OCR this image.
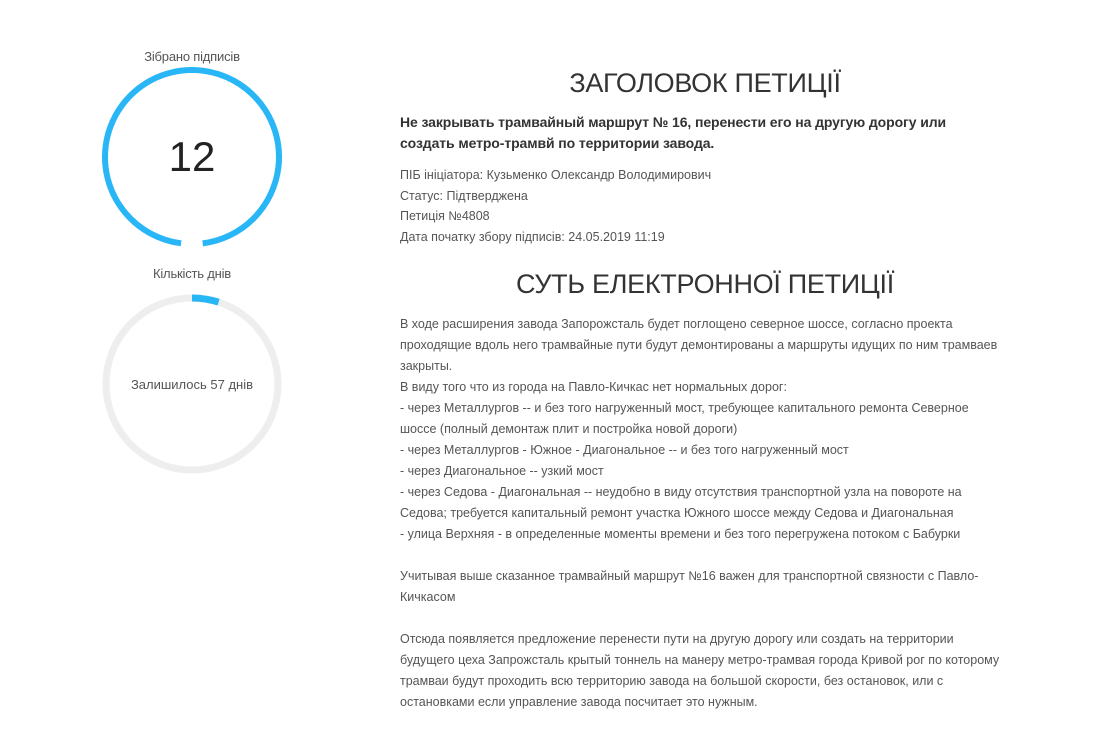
Зібрано підписів
12
Кількість днів
Залишилось 57 днів
ЗАГОЛОВОК ПЕТИЦІЇ

Не закрывать трамвайный маршрут № 16, перенести его на другую дорогу или создать метро-трамвй по территории завода.

ПІБ ініціатора: Кузьменко Олександр Володимирович
Статус: Підтверджена
Петиція №4808
Дата початку збору підписів: 24.05.2019 11:19
СУТЬ ЕЛЕКТРОННОЇ ПЕТИЦІЇ

В ходе расширения завода Запорожсталь будет поглощено северное шоссе, согласно проекта проходящие вдоль него трамвайные пути будут демонтированы а маршруты идущих по ним трамваев закрыты.

В виду того что из города на Павло-Кичкас нет нормальных дорог:

- через Металлургов -- и без того нагруженный мост, требующее капитального ремонта Северное шоссе (полный демонтаж плит и постройка новой дороги)

- через Металлургов - Южное - Диагональное -- и без того нагруженный мост

- через Диагональное -- узкий мост

- через Седова - Диагональная -- неудобно в виду отсутствия транспортной узла на повороте на Седова; требуется капитальный ремонт участка Южного шоссе между Седова и Диагональная

- улица Верхняя - в определенные моменты времени и без того перегружена потоком с Бабурки

Учитывая выше сказанное трамвайный маршрут №16 важен для транспортной связности с Павло-Кичкасом

Отсюда появляется предложение перенести пути на другую дорогу или создать на территории будущего цеха Запрожсталь крытый тоннель на манеру метро-трамвая города Кривой рог по которому трамваи будут проходить всю территорию завода на большой скорости, без остановок, или с остановками если управление завода посчитает это нужным.
